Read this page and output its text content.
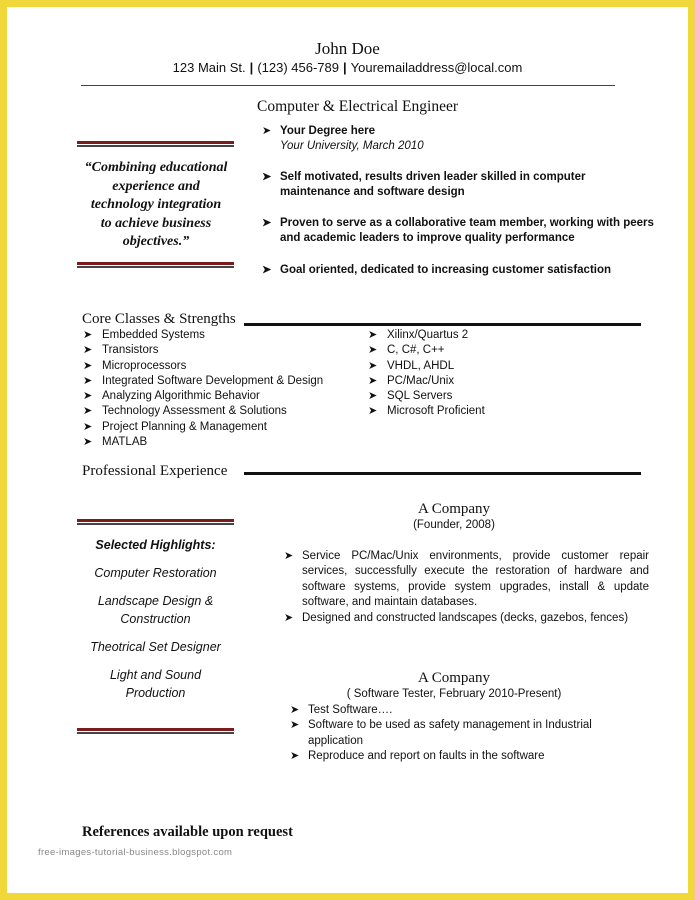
John Doe
123 Main St. | (123) 456-789 | Youremailaddress@local.com
Computer & Electrical Engineer
“Combining educational
experience and
technology integration
to achieve business
objectives.”
➤ Your Degree here
Your University, March 2010
➤ Self motivated, results driven leader skilled in computer
maintenance and software design
➤ Proven to serve as a collaborative team member, working with peers
and academic leaders to improve quality performance
➤ Goal oriented, dedicated to increasing customer satisfaction
Core Classes & Strengths
➤ Embedded Systems
➤ Transistors
➤ Microprocessors
➤ Integrated Software Development & Design
➤ Analyzing Algorithmic Behavior
➤ Technology Assessment & Solutions
➤ Project Planning & Management
➤ MATLAB
➤ Xilinx/Quartus 2
➤ C, C#, C++
➤ VHDL, AHDL
➤ PC/Mac/Unix
➤ SQL Servers
➤ Microsoft Proficient
Professional Experience
Selected Highlights:
Computer Restoration
Landscape Design &
Construction
Theotrical Set Designer
Light and Sound
Production
A Company
(Founder, 2008)
➤ Service PC/Mac/Unix environments, provide customer repair
services, successfully execute the restoration of hardware and
software systems, provide system upgrades, install & update
software, and maintain databases.
➤ Designed and constructed landscapes (decks, gazebos, fences)
A Company
( Software Tester, February 2010-Present)
➤ Test Software….
➤ Software to be used as safety management in Industrial
application
➤ Reproduce and report on faults in the software
References available upon request
free-images-tutorial-business.blogspot.com
